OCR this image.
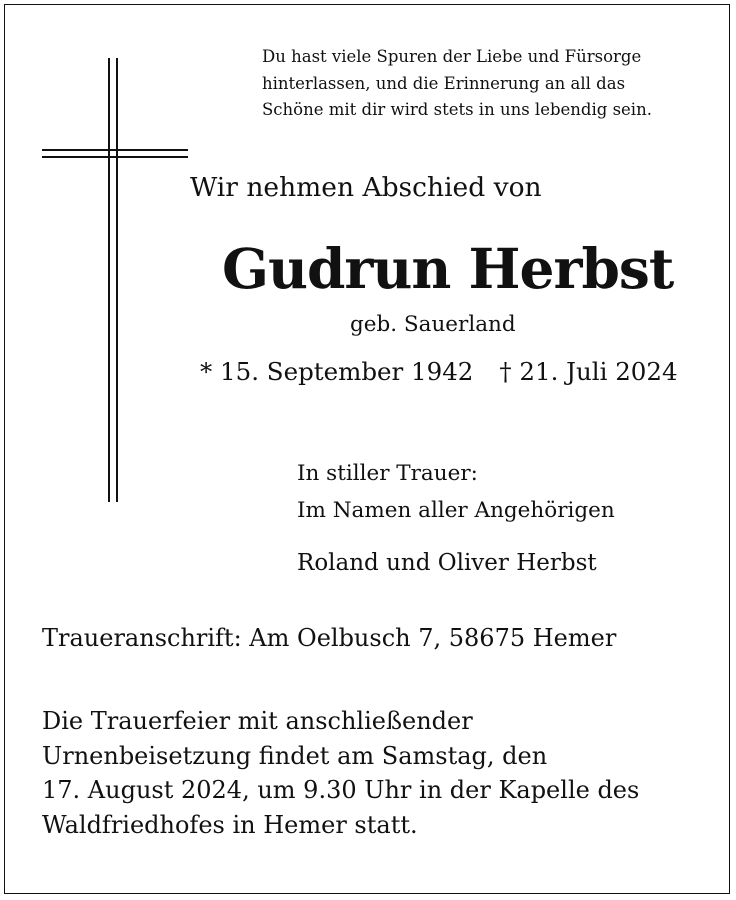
Du hast viele Spuren der Liebe und Fürsorge
hinterlassen, und die Erinnerung an all das
Schöne mit dir wird stets in uns lebendig sein.
Wir nehmen Abschied von
Gudrun Herbst
geb. Sauerland
* 15. September 1942 † 21. Juli 2024
In stiller Trauer:
Im Namen aller Angehörigen
Roland und Oliver Herbst
Traueranschrift: Am Oelbusch 7, 58675 Hemer
Die Trauerfeier mit anschließender
Urnenbeisetzung findet am Samstag, den
17. August 2024, um 9.30 Uhr in der Kapelle des
Waldfriedhofes in Hemer statt.
